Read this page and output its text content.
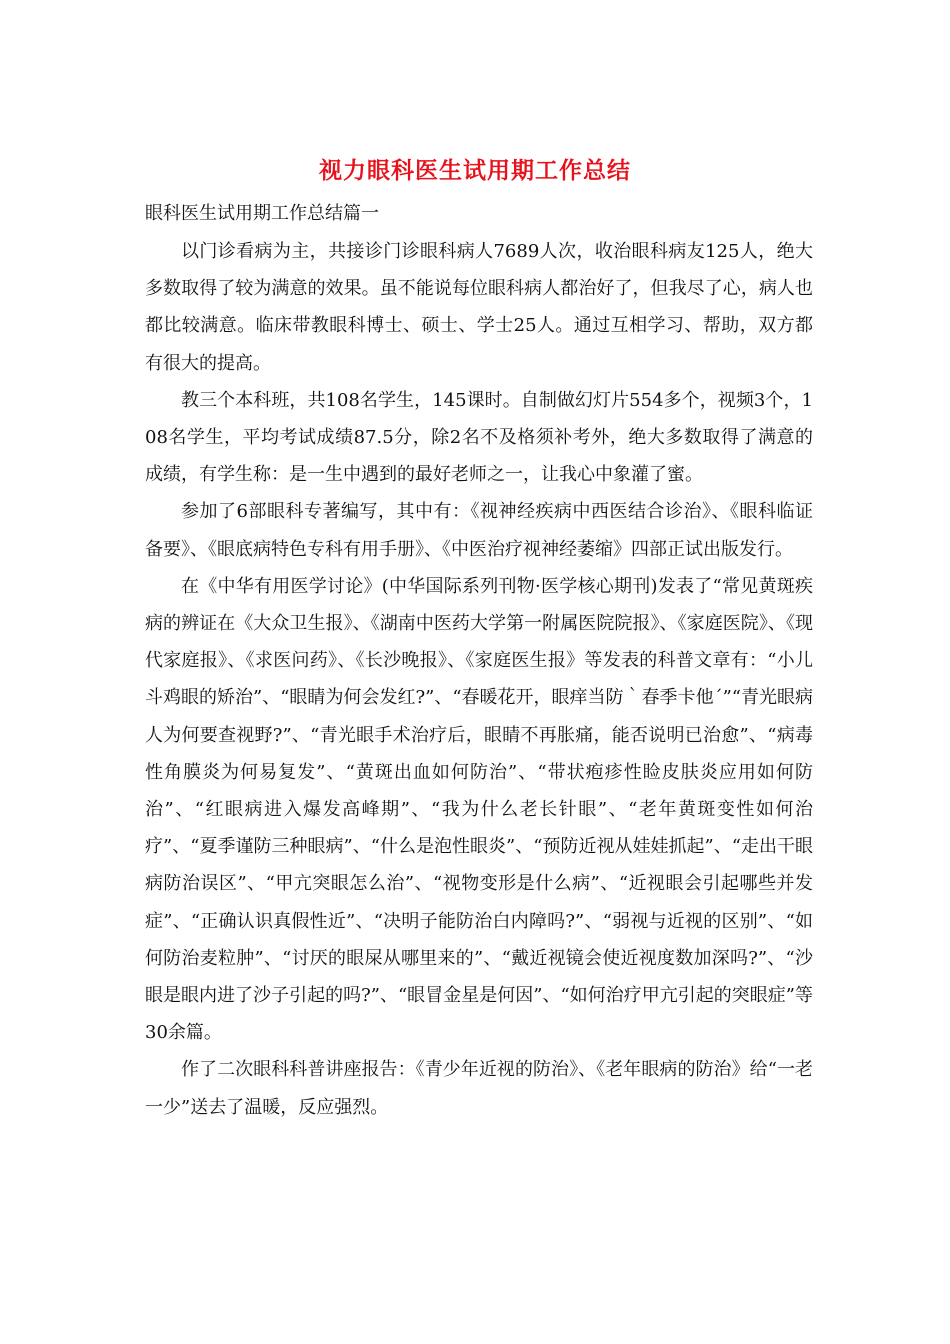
视力眼科医生试用期工作总结
眼科医生试用期工作总结篇一

以门诊看病为主，共接诊门诊眼科病人7689人次，收治眼科病友125人，绝大多数取得了较为满意的效果。虽不能说每位眼科病人都治好了，但我尽了心，病人也都比较满意。临床带教眼科博士、硕士、学士25人。通过互相学习、帮助，双方都有很大的提高。

教三个本科班，共108名学生，145课时。自制做幻灯片554多个，视频3个，108名学生，平均考试成绩87.5分，除2名不及格须补考外，绝大多数取得了满意的成绩，有学生称：是一生中遇到的最好老师之一，让我心中象灌了蜜。

参加了6部眼科专著编写，其中有：《视神经疾病中西医结合诊治》、《眼科临证备要》、《眼底病特色专科有用手册》、《中医治疗视神经萎缩》四部正试出版发行。

在《中华有用医学讨论》(中华国际系列刊物·医学核心期刊)发表了“常见黄斑疾病的辨证在《大众卫生报》、《湖南中医药大学第一附属医院院报》、《家庭医院》、《现代家庭报》、《求医问药》、《长沙晚报》、《家庭医生报》等发表的科普文章有：“小儿斗鸡眼的矫治”、“眼睛为何会发红?”、“春暖花开，眼痒当防｀春季卡他´”“青光眼病人为何要查视野?”、“青光眼手术治疗后，眼睛不再胀痛，能否说明已治愈”、“病毒性角膜炎为何易复发”、“黄斑出血如何防治”、“带状疱疹性睑皮肤炎应用如何防治”、“红眼病进入爆发高峰期”、“我为什么老长针眼”、“老年黄斑变性如何治疗”、“夏季谨防三种眼病”、“什么是泡性眼炎”、“预防近视从娃娃抓起”、“走出干眼病防治误区”、“甲亢突眼怎么治”、“视物变形是什么病”、“近视眼会引起哪些并发症”、“正确认识真假性近”、“决明子能防治白内障吗?”、“弱视与近视的区别”、“如何防治麦粒肿”、“讨厌的眼屎从哪里来的”、“戴近视镜会使近视度数加深吗?”、“沙眼是眼内进了沙子引起的吗?”、“眼冒金星是何因”、“如何治疗甲亢引起的突眼症”等30余篇。

作了二次眼科科普讲座报告：《青少年近视的防治》、《老年眼病的防治》给“一老一少”送去了温暖，反应强烈。
